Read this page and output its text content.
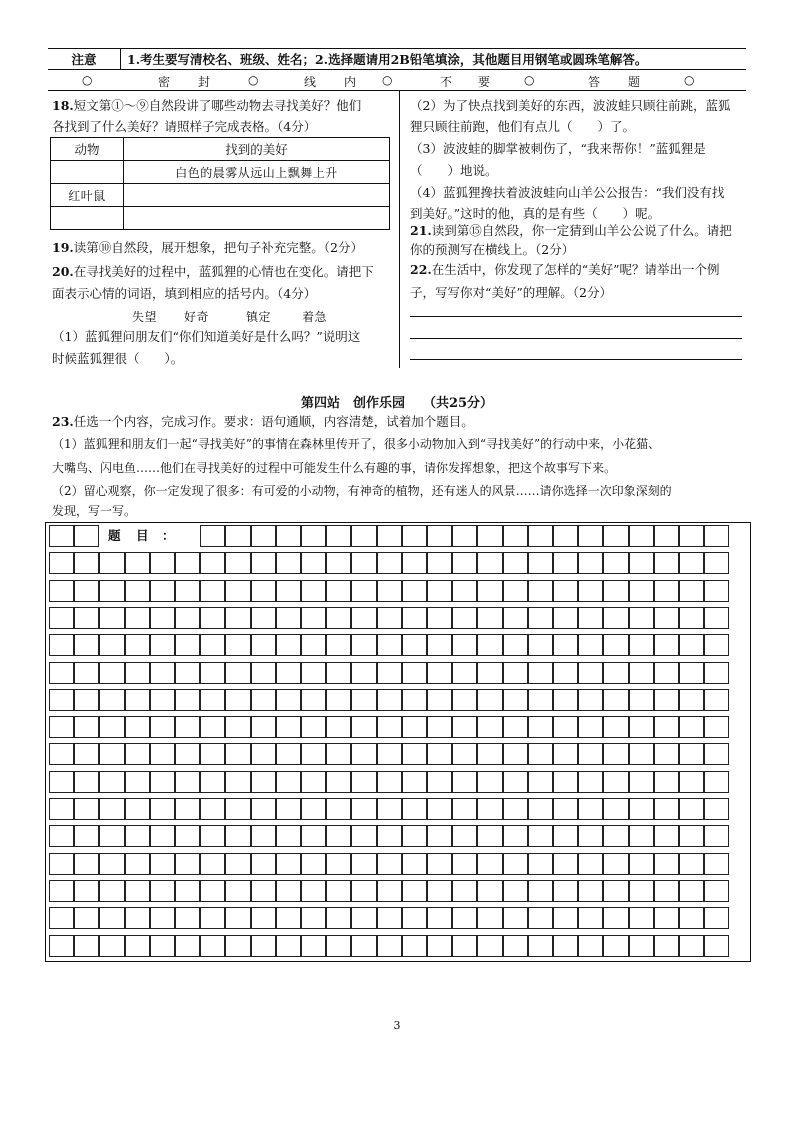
注意	1.考生要写清校名、班级、姓名；2.选择题请用2B铅笔填涂，其他题目用钢笔或圆珠笔解答。
○	密 封	○	线 内 ○	不 要	○	答 题	○
18.短文第①～⑨自然段讲了哪些动物去寻找美好？他们
各找到了什么美好？请照样子完成表格。（4分）
动物	找到的美好
	白色的晨雾从远山上飘舞上升
红叶鼠	

19.读第⑩自然段，展开想象，把句子补充完整。（2分）
20.在寻找美好的过程中，蓝狐狸的心情也在变化。请把下
面表示心情的词语，填到相应的括号内。（4分）
失望 好奇	镇定	着急
（1）蓝狐狸问朋友们“你们知道美好是什么吗？”说明这
时候蓝狐狸很（　　）。
（2）为了快点找到美好的东西，波波蛙只顾往前跳，蓝狐
狸只顾往前跑，他们有点儿（　　）了。
（3）波波蛙的脚掌被刺伤了，“我来帮你！”蓝狐狸是
（　　）地说。
（4）蓝狐狸搀扶着波波蛙向山羊公公报告：“我们没有找
到美好。”这时的他，真的是有些（　　）呢。
21.读到第⑮自然段，你一定猜到山羊公公说了什么。请把
你的预测写在横线上。（2分）
22.在生活中，你发现了怎样的“美好”呢？请举出一个例
子，写写你对“美好”的理解。（2分）
第四站　创作乐园 （共25分）
23.任选一个内容，完成习作。要求：语句通顺，内容清楚，试着加个题目。
（1）蓝狐狸和朋友们一起“寻找美好”的事情在森林里传开了，很多小动物加入到“寻找美好”的行动中来，小花猫、
大嘴鸟、闪电鱼……他们在寻找美好的过程中可能发生什么有趣的事，请你发挥想象，把这个故事写下来。
（2）留心观察，你一定发现了很多：有可爱的小动物，有神奇的植物，还有迷人的风景……请你选择一次印象深刻的
发现，写一写。
题 目 ：
3
